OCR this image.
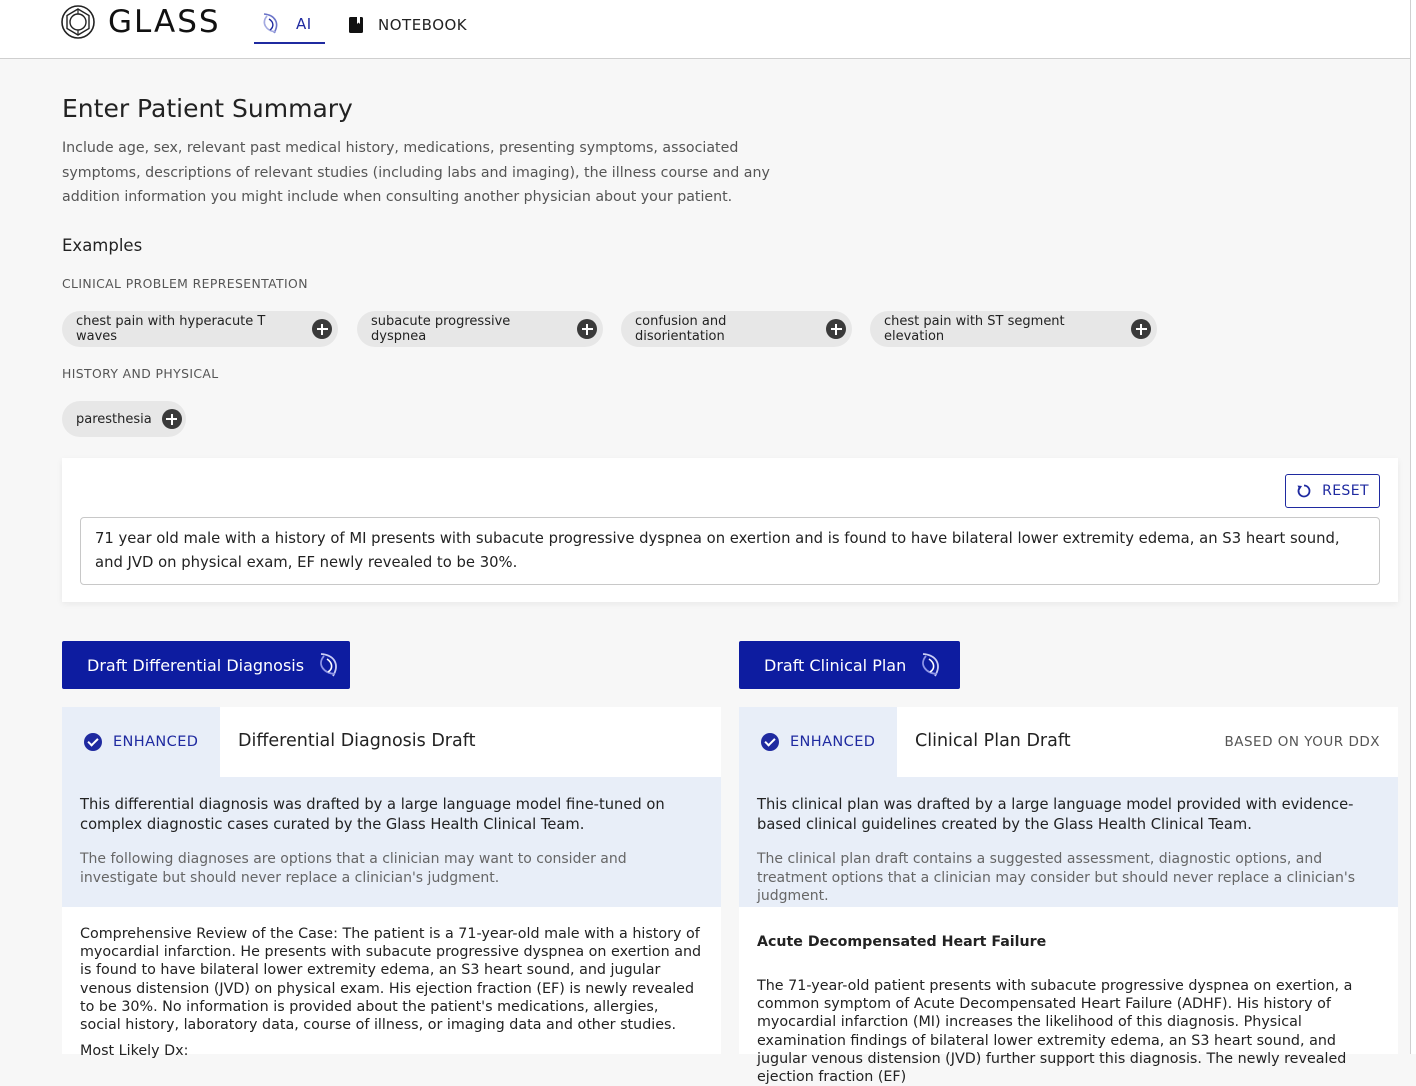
GLASS	AI	NOTEBOOK
Enter Patient Summary
Include age, sex, relevant past medical history, medications, presenting symptoms, associated symptoms, descriptions of relevant studies (including labs and imaging), the illness course and any addition information you might include when consulting another physician about your patient.
Examples
CLINICAL PROBLEM REPRESENTATION
chest pain with hyperacute T waves
subacute progressive dyspnea
confusion and disorientation
chest pain with ST segment elevation
HISTORY AND PHYSICAL
paresthesia
RESET
71 year old male with a history of MI presents with subacute progressive dyspnea on exertion and is found to have bilateral lower extremity edema, an S3 heart sound, and JVD on physical exam, EF newly revealed to be 30%.
Draft Differential Diagnosis	Draft Clinical Plan
ENHANCED Differential Diagnosis Draft
This differential diagnosis was drafted by a large language model fine-tuned on complex diagnostic cases curated by the Glass Health Clinical Team.
The following diagnoses are options that a clinician may want to consider and investigate but should never replace a clinician's judgment.
Comprehensive Review of the Case: The patient is a 71-year-old male with a history of myocardial infarction. He presents with subacute progressive dyspnea on exertion and is found to have bilateral lower extremity edema, an S3 heart sound, and jugular venous distension (JVD) on physical exam. His ejection fraction (EF) is newly revealed to be 30%. No information is provided about the patient's medications, allergies, social history, laboratory data, course of illness, or imaging data and other studies.
Most Likely Dx:
ENHANCED Clinical Plan Draft	BASED ON YOUR DDX
This clinical plan was drafted by a large language model provided with evidence-based clinical guidelines created by the Glass Health Clinical Team.
The clinical plan draft contains a suggested assessment, diagnostic options, and treatment options that a clinician may consider but should never replace a clinician's judgment.
Acute Decompensated Heart Failure
The 71-year-old patient presents with subacute progressive dyspnea on exertion, a common symptom of Acute Decompensated Heart Failure (ADHF). His history of myocardial infarction (MI) increases the likelihood of this diagnosis. Physical examination findings of bilateral lower extremity edema, an S3 heart sound, and jugular venous distension (JVD) further support this diagnosis. The newly revealed ejection fraction (EF)
